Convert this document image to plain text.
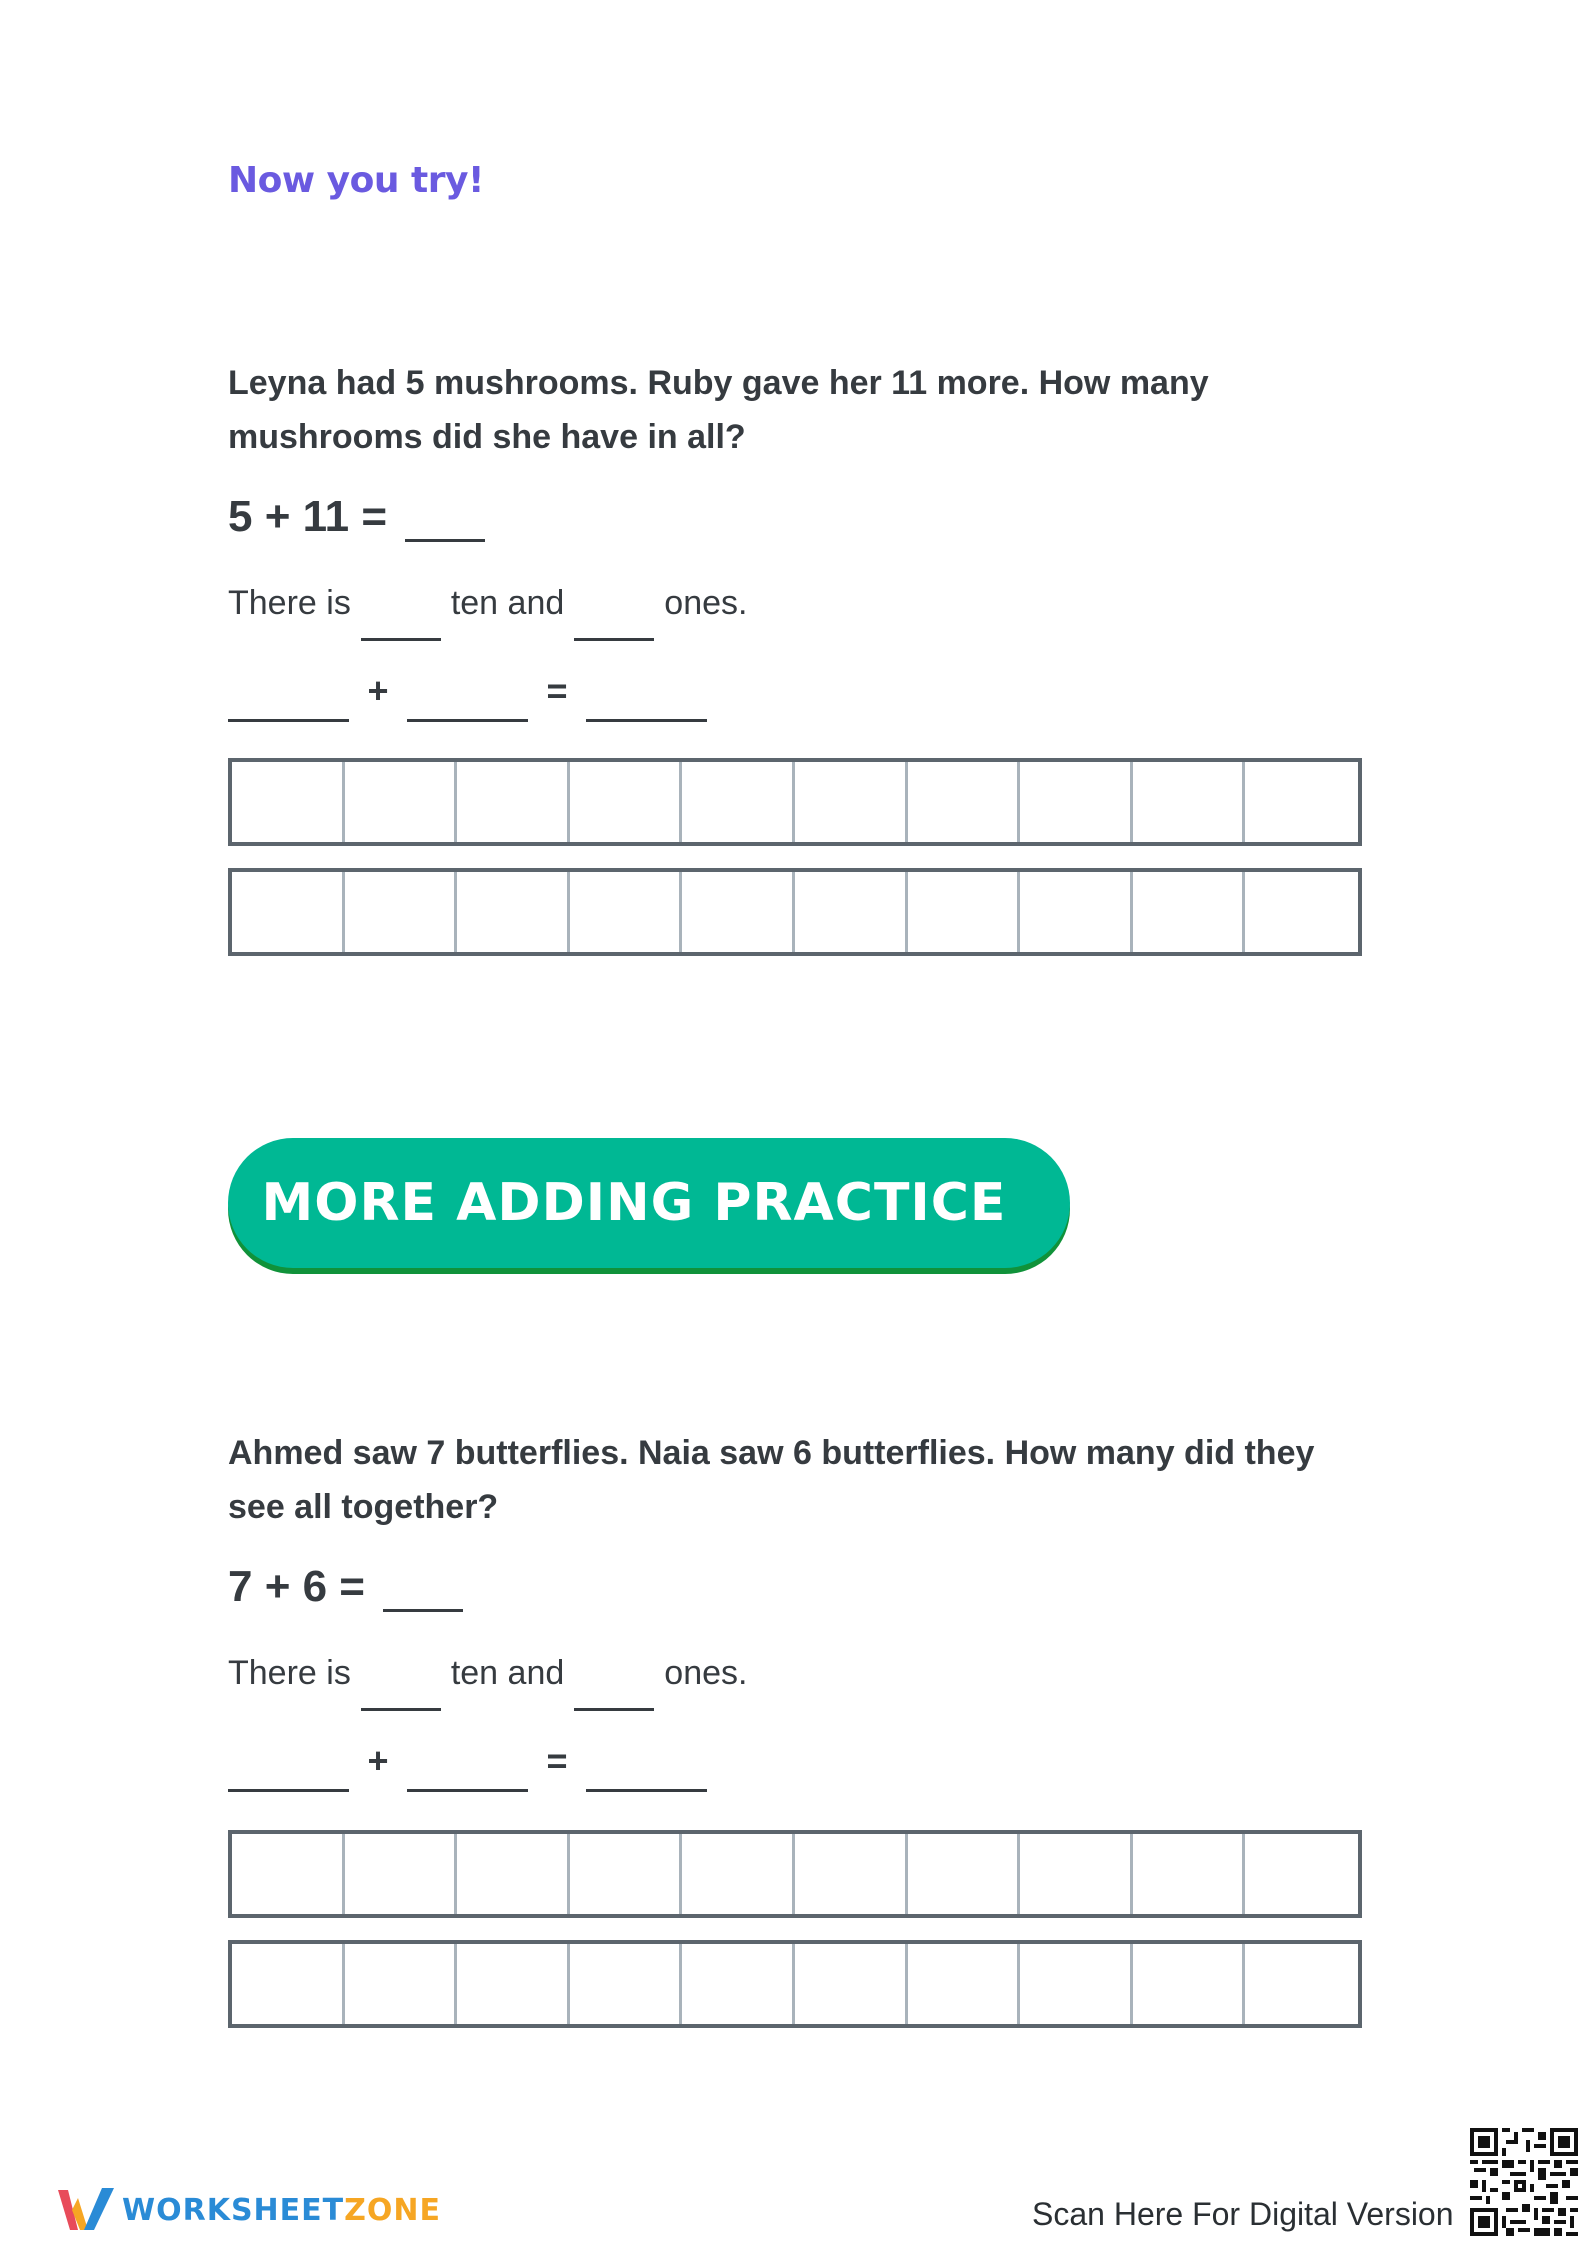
Now you try!
Leyna had 5 mushrooms. Ruby gave her 11 more. How many mushrooms did she have in all?
5 + 11 =
There is	ten and	ones.
+	=
MORE ADDING PRACTICE
Ahmed saw 7 butterflies. Naia saw 6 butterflies. How many did they see all together?
7 + 6 =
There is	ten and	ones.
+	=
WORKSHEETZONE	Scan Here For Digital Version
